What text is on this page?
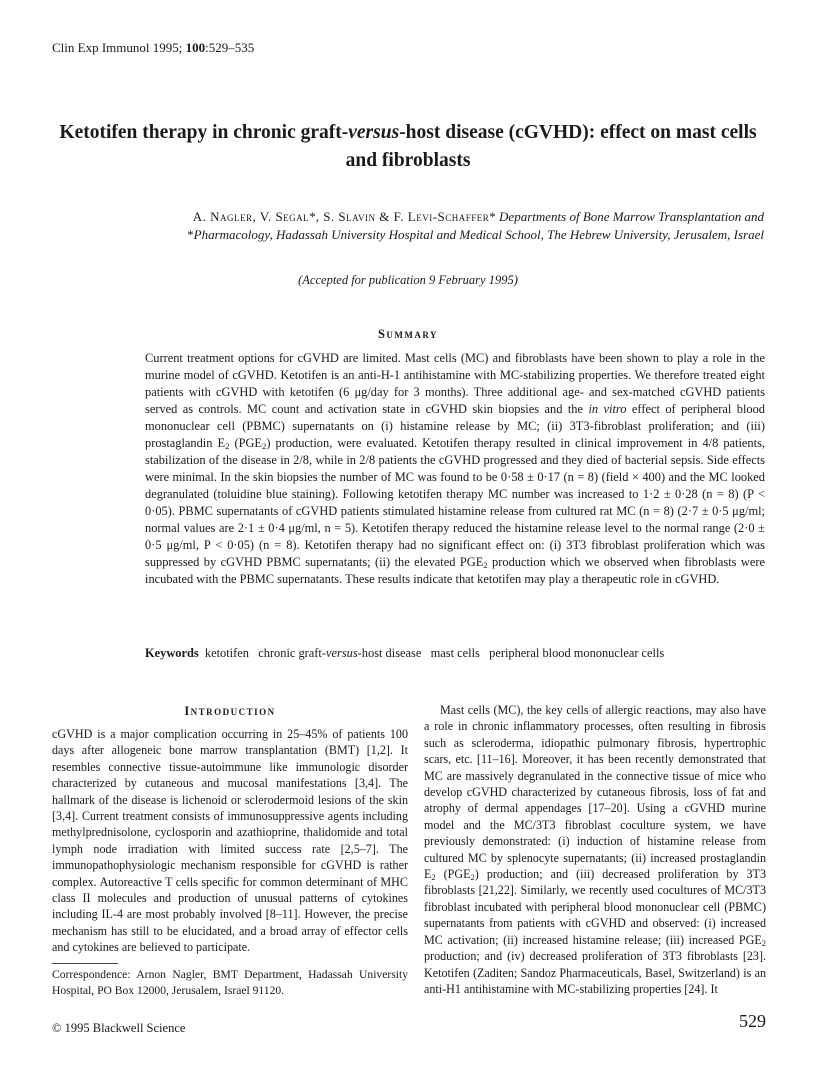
Clin Exp Immunol 1995; 100:529–535
Ketotifen therapy in chronic graft-versus-host disease (cGVHD): effect on mast cells and fibroblasts
A. Nagler, V. Segal*, S. Slavin & F. Levi-Schaffer* Departments of Bone Marrow Transplantation and
*Pharmacology, Hadassah University Hospital and Medical School, The Hebrew University, Jerusalem, Israel
(Accepted for publication 9 February 1995)
Summary
Current treatment options for cGVHD are limited. Mast cells (MC) and fibroblasts have been shown to play a role in the murine model of cGVHD. Ketotifen is an anti-H-1 antihistamine with MC-stabilizing properties. We therefore treated eight patients with cGVHD with ketotifen (6 μg/day for 3 months). Three additional age- and sex-matched cGVHD patients served as controls. MC count and activation state in cGVHD skin biopsies and the in vitro effect of peripheral blood mononuclear cell (PBMC) supernatants on (i) histamine release by MC; (ii) 3T3-fibroblast proliferation; and (iii) prostaglandin $E_2$ $(PGE_2)$ production, were evaluated. Ketotifen therapy resulted in clinical improvement in 4/8 patients, stabilization of the disease in 2/8, while in 2/8 patients the cGVHD progressed and they died of bacterial sepsis. Side effects were minimal. In the skin biopsies the number of MC was found to be 0·58 ± 0·17 (n = 8) (field × 400) and the MC looked degranulated (toluidine blue staining). Following ketotifen therapy MC number was increased to 1·2 ± 0·28 (n = 8) (P < 0·05). PBMC supernatants of cGVHD patients stimulated histamine release from cultured rat MC (n = 8) (2·7 ± 0·5 μg/ml; normal values are 2·1 ± 0·4 μg/ml, n = 5). Ketotifen therapy reduced the histamine release level to the normal range (2·0 ± 0·5 μg/ml, P < 0·05) (n = 8). Ketotifen therapy had no significant effect on: (i) 3T3 fibroblast proliferation which was suppressed by cGVHD PBMC supernatants; (ii) the elevated $PGE_2$ production which we observed when fibroblasts were incubated with the PBMC supernatants. These results indicate that ketotifen may play a therapeutic role in cGVHD.
Keywords  ketotifen   chronic graft-versus-host disease   mast cells   peripheral blood mononuclear cells
Introduction
cGVHD is a major complication occurring in 25–45% of patients 100 days after allogeneic bone marrow transplantation (BMT) [1,2]. It resembles connective tissue-autoimmune like immunologic disorder characterized by cutaneous and mucosal manifestations [3,4]. The hallmark of the disease is lichenoid or sclerodermoid lesions of the skin [3,4]. Current treatment consists of immunosuppressive agents including methylprednisolone, cyclosporin and azathioprine, thalidomide and total lymph node irradiation with limited success rate [2,5–7]. The immunopathophysiologic mechanism responsible for cGVHD is rather complex. Autoreactive T cells specific for common determinant of MHC class II molecules and production of unusual patterns of cytokines including IL-4 are most probably involved [8–11]. However, the precise mechanism has still to be elucidated, and a broad array of effector cells and cytokines are believed to participate.
Mast cells (MC), the key cells of allergic reactions, may also have a role in chronic inflammatory processes, often resulting in fibrosis such as scleroderma, idiopathic pulmonary fibrosis, hypertrophic scars, etc. [11–16]. Moreover, it has been recently demonstrated that MC are massively degranulated in the connective tissue of mice who develop cGVHD characterized by cutaneous fibrosis, loss of fat and atrophy of dermal appendages [17–20]. Using a cGVHD murine model and the MC/3T3 fibroblast coculture system, we have previously demonstrated: (i) induction of histamine release from cultured MC by splenocyte supernatants; (ii) increased prostaglandin $E_2$ $(PGE_2)$ production; and (iii) decreased proliferation by 3T3 fibroblasts [21,22]. Similarly, we recently used cocultures of MC/3T3 fibroblast incubated with peripheral blood mononuclear cell (PBMC) supernatants from patients with cGVHD and observed: (i) increased MC activation; (ii) increased histamine release; (iii) increased $PGE_2$ production; and (iv) decreased proliferation of 3T3 fibroblasts [23]. Ketotifen (Zaditen; Sandoz Pharmaceuticals, Basel, Switzerland) is an anti-H1 antihistamine with MC-stabilizing properties [24]. It
Correspondence: Arnon Nagler, BMT Department, Hadassah University Hospital, PO Box 12000, Jerusalem, Israel 91120.
© 1995 Blackwell Science	529
